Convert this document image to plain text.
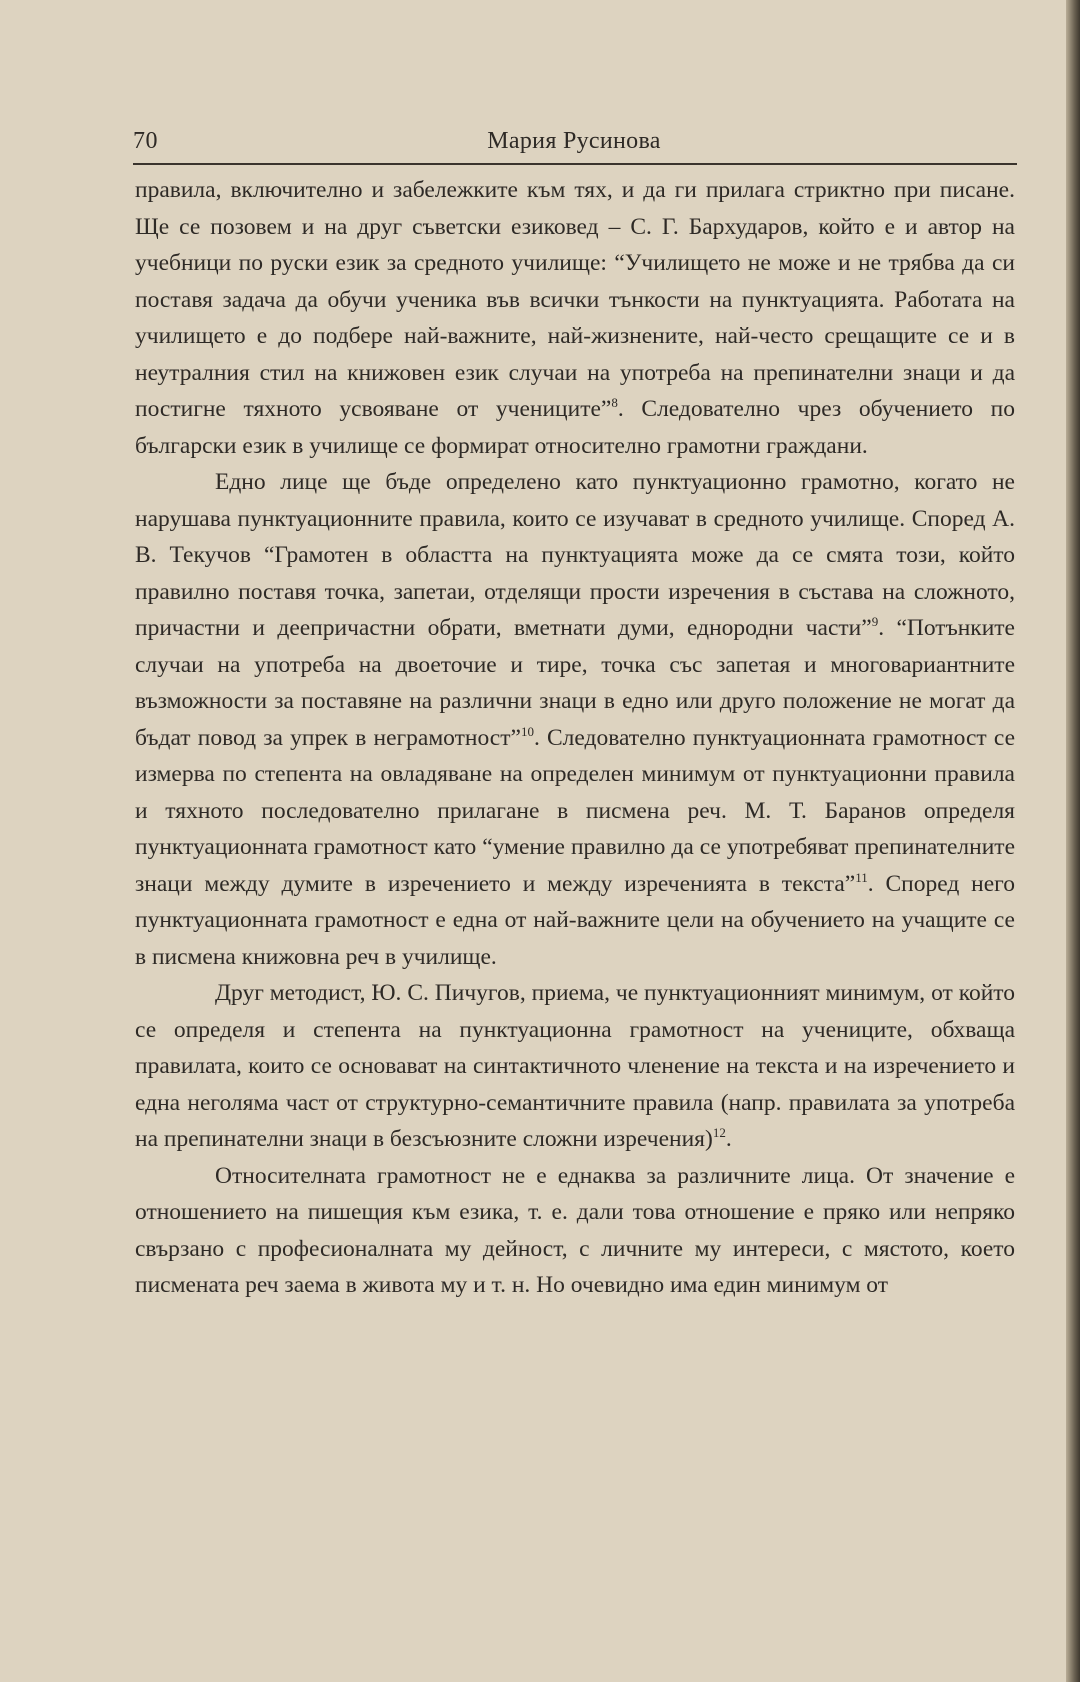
70	Мария Русинова

правила, включително и забележките към тях, и да ги прилага стриктно при писане. Ще се позовем и на друг съветски езиковед – С. Г. Бархударов, който е и автор на учебници по руски език за средното училище: “Училището не може и не трябва да си поставя задача да обучи ученика във всички тънкости на пунктуацията. Работата на училището е до подбере най-важните, най-жизнените, най-често срещащите се и в неутралния стил на книжовен език случаи на употреба на препинателни знаци и да постигне тяхното усвояване от учениците”$^8$. Следователно чрез обучението по български език в училище се формират относително грамотни граждани.

Едно лице ще бъде определено като пунктуационно грамотно, когато не нарушава пунктуационните правила, които се изучават в средното училище. Според А. В. Текучов “Грамотен в областта на пунктуацията може да се смята този, който правилно поставя точка, запетаи, отделящи прости изречения в състава на сложното, причастни и деепричастни обрати, вметнати думи, еднородни части”$^9$. “Потънките случаи на употреба на двоеточие и тире, точка със запетая и многовариантните възможности за поставяне на различни знаци в едно или друго положение не могат да бъдат повод за упрек в неграмотност”$^{10}$. Следователно пунктуационната грамотност се измерва по степента на овладяване на определен минимум от пунктуационни правила и тяхното последователно прилагане в писмена реч. М. Т. Баранов определя пунктуационната грамотност като “умение правилно да се употребяват препинателните знаци между думите в изречението и между изреченията в текста”$^{11}$. Според него пунктуационната грамотност е една от най-важните цели на обучението на учащите се в писмена книжовна реч в училище.

Друг методист, Ю. С. Пичугов, приема, че пунктуационният минимум, от който се определя и степента на пунктуационна грамотност на учениците, обхваща правилата, които се основават на синтактичното членение на текста и на изречението и една неголяма част от структурно-семантичните правила (напр. правилата за употреба на препинателни знаци в безсъюзните сложни изречения)$^{12}$.

Относителната грамотност не е еднаква за различните лица. От значение е отношението на пишещия към езика, т. е. дали това отношение е пряко или непряко свързано с професионалната му дейност, с личните му интереси, с мястото, което писмената реч заема в живота му и т. н. Но очевидно има един минимум от
